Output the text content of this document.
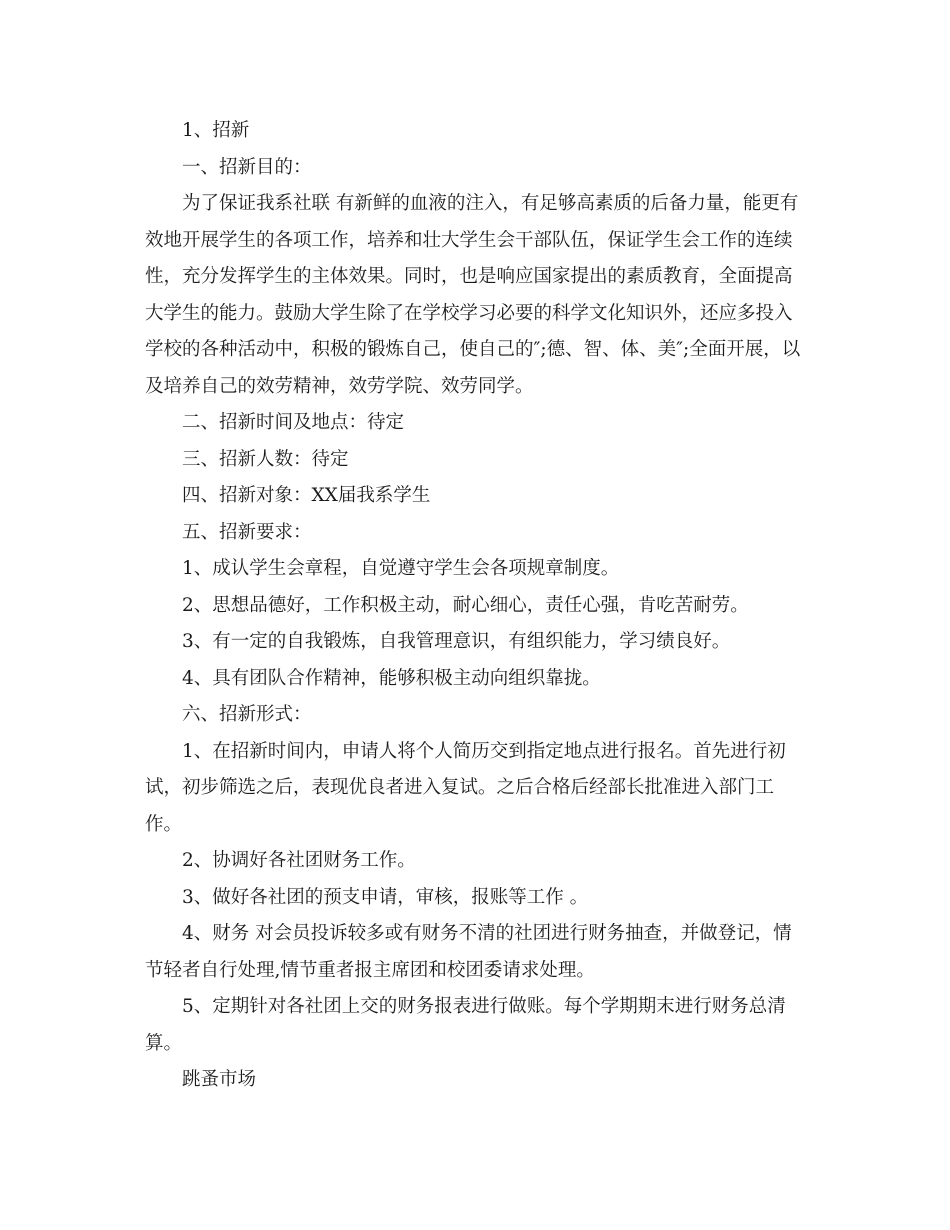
1、招新

一、招新目的：

为了保证我系社联 有新鲜的血液的注入，有足够高素质的后备力量，能更有效地开展学生的各项工作，培养和壮大学生会干部队伍，保证学生会工作的连续性，充分发挥学生的主体效果。同时，也是响应国家提出的素质教育，全面提高大学生的能力。鼓励大学生除了在学校学习必要的科学文化知识外，还应多投入学校的各种活动中，积极的锻炼自己，使自己的″;德、智、体、美″;全面开展，以及培养自己的效劳精神，效劳学院、效劳同学。

二、招新时间及地点：待定

三、招新人数：待定

四、招新对象：XX届我系学生

五、招新要求：

1、成认学生会章程，自觉遵守学生会各项规章制度。

2、思想品德好，工作积极主动，耐心细心，责任心强，肯吃苦耐劳。

3、有一定的自我锻炼，自我管理意识，有组织能力，学习绩良好。

4、具有团队合作精神，能够积极主动向组织靠拢。

六、招新形式：

1、在招新时间内，申请人将个人简历交到指定地点进行报名。首先进行初试，初步筛选之后，表现优良者进入复试。之后合格后经部长批准进入部门工作。

2、协调好各社团财务工作。

3、做好各社团的预支申请，审核，报账等工作 。

4、财务 对会员投诉较多或有财务不清的社团进行财务抽查，并做登记，情节轻者自行处理,情节重者报主席团和校团委请求处理。

5、定期针对各社团上交的财务报表进行做账。每个学期期末进行财务总清算。

跳蚤市场
